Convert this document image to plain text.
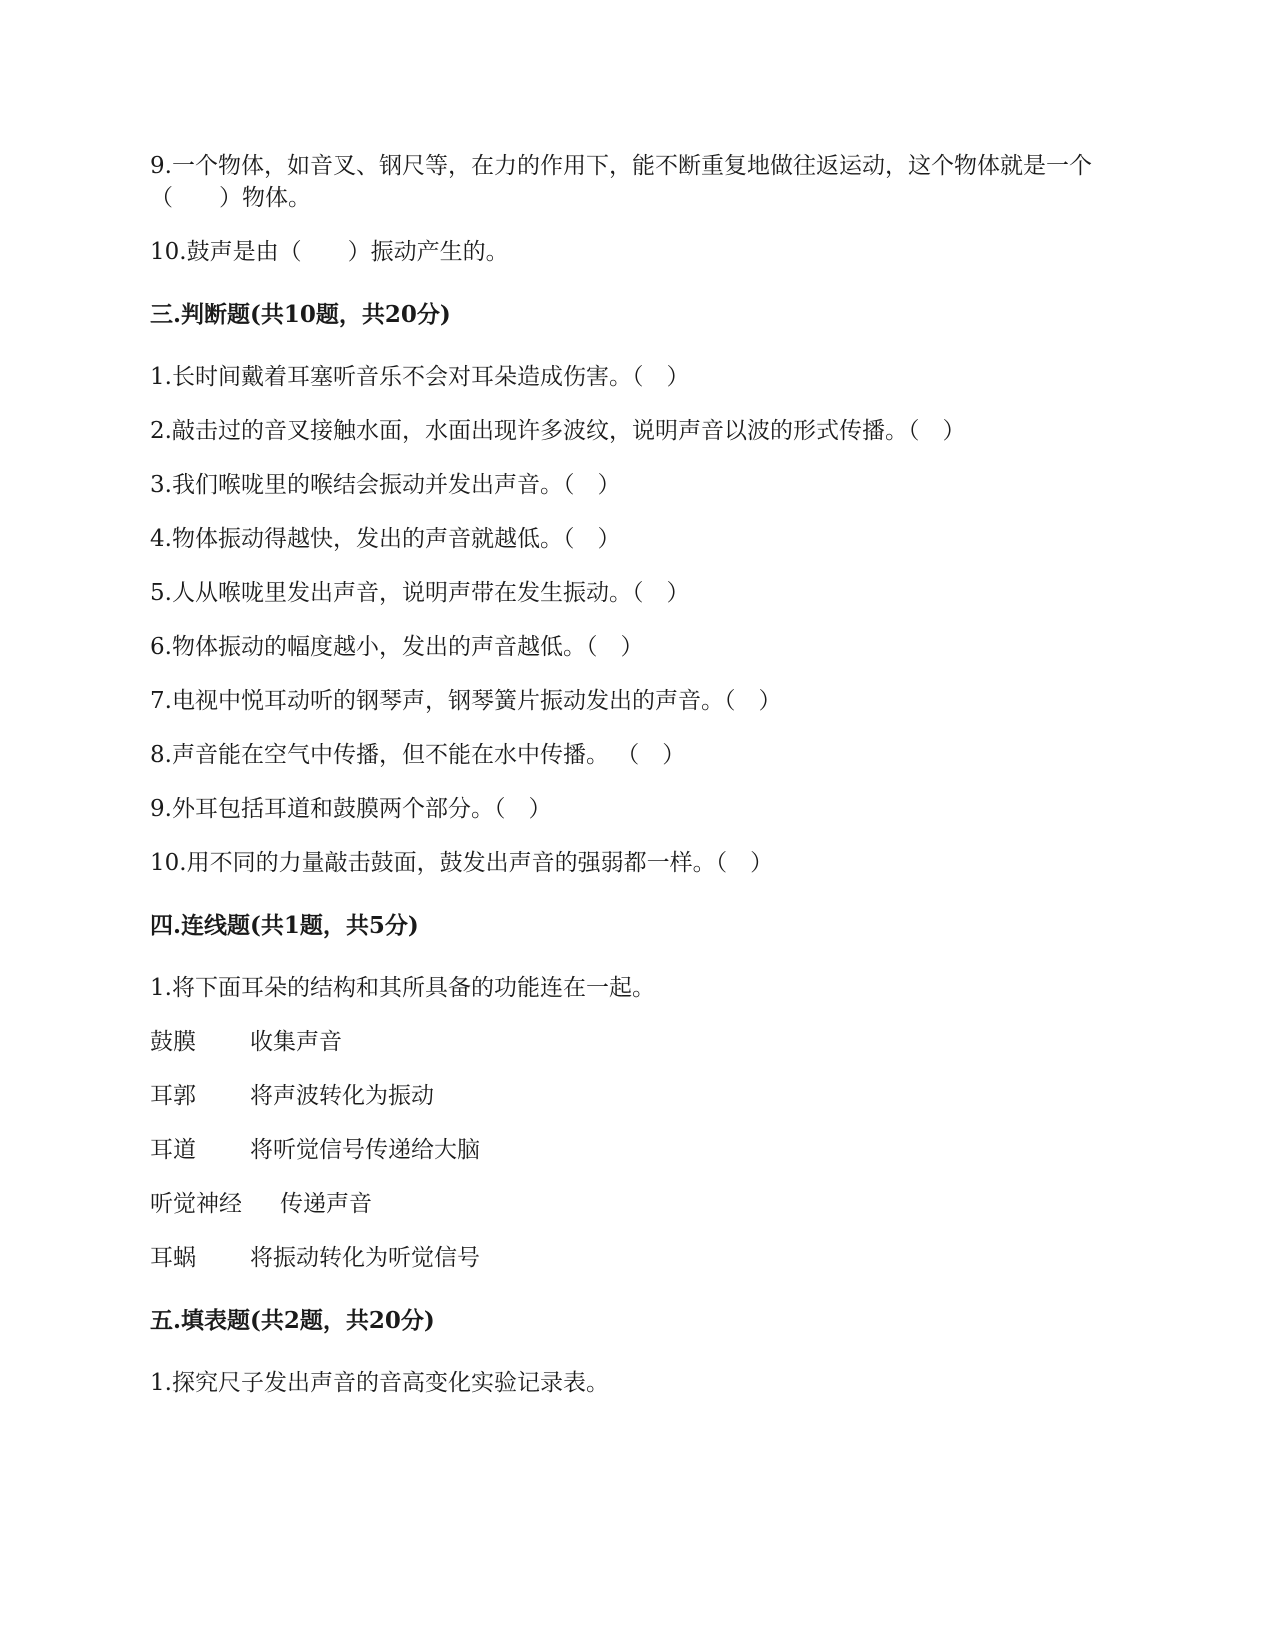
9.一个物体，如音叉、钢尺等，在力的作用下，能不断重复地做往返运动，这个物体就是一个（　　）物体。

10.鼓声是由（　　）振动产生的。

三.判断题(共10题，共20分)

1.长时间戴着耳塞听音乐不会对耳朵造成伤害。（　）

2.敲击过的音叉接触水面，水面出现许多波纹，说明声音以波的形式传播。（　）

3.我们喉咙里的喉结会振动并发出声音。（　）

4.物体振动得越快，发出的声音就越低。（　）

5.人从喉咙里发出声音，说明声带在发生振动。（　）

6.物体振动的幅度越小，发出的声音越低。（　）

7.电视中悦耳动听的钢琴声，钢琴簧片振动发出的声音。（　）

8.声音能在空气中传播，但不能在水中传播。 （　）

9.外耳包括耳道和鼓膜两个部分。（　）

10.用不同的力量敲击鼓面，鼓发出声音的强弱都一样。（　）

四.连线题(共1题，共5分)

1.将下面耳朵的结构和其所具备的功能连在一起。

鼓膜	收集声音
耳郭	将声波转化为振动
耳道	将听觉信号传递给大脑
听觉神经	传递声音
耳蜗	将振动转化为听觉信号

五.填表题(共2题，共20分)

1.探究尺子发出声音的音高变化实验记录表。
